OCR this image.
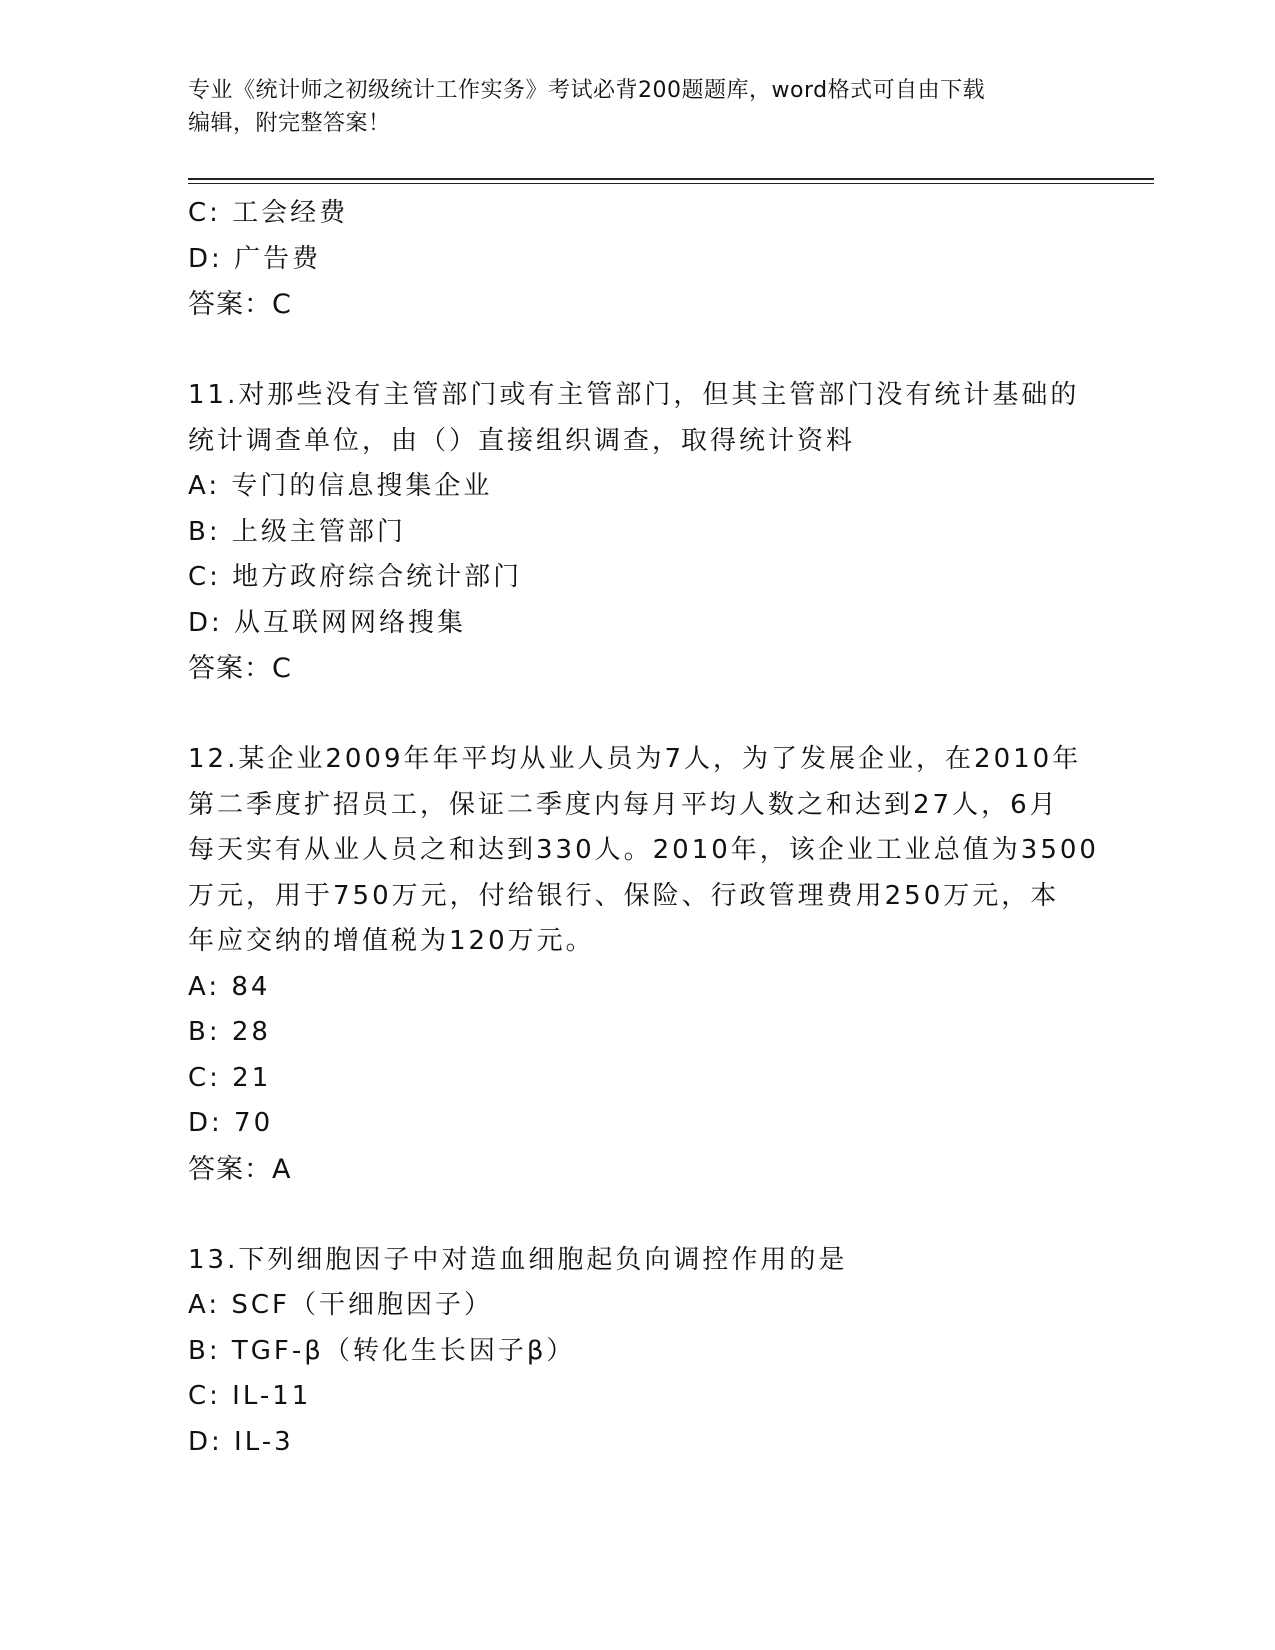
专业《统计师之初级统计工作实务》考试必背200题题库，word格式可自由下载
编辑，附完整答案！
C: 工会经费
D: 广告费
答案：C
11.对那些没有主管部门或有主管部门，但其主管部门没有统计基础的
统计调查单位，由（）直接组织调查，取得统计资料
A: 专门的信息搜集企业
B: 上级主管部门
C: 地方政府综合统计部门
D: 从互联网网络搜集
答案：C
12.某企业2009年年平均从业人员为7人，为了发展企业，在2010年
第二季度扩招员工，保证二季度内每月平均人数之和达到27人，6月
每天实有从业人员之和达到330人。2010年，该企业工业总值为3500
万元，用于750万元，付给银行、保险、行政管理费用250万元，本
年应交纳的增值税为120万元。
A: 84
B: 28
C: 21
D: 70
答案：A
13.下列细胞因子中对造血细胞起负向调控作用的是
A: SCF（干细胞因子）
B: TGF-β（转化生长因子β）
C: IL-11
D: IL-3
